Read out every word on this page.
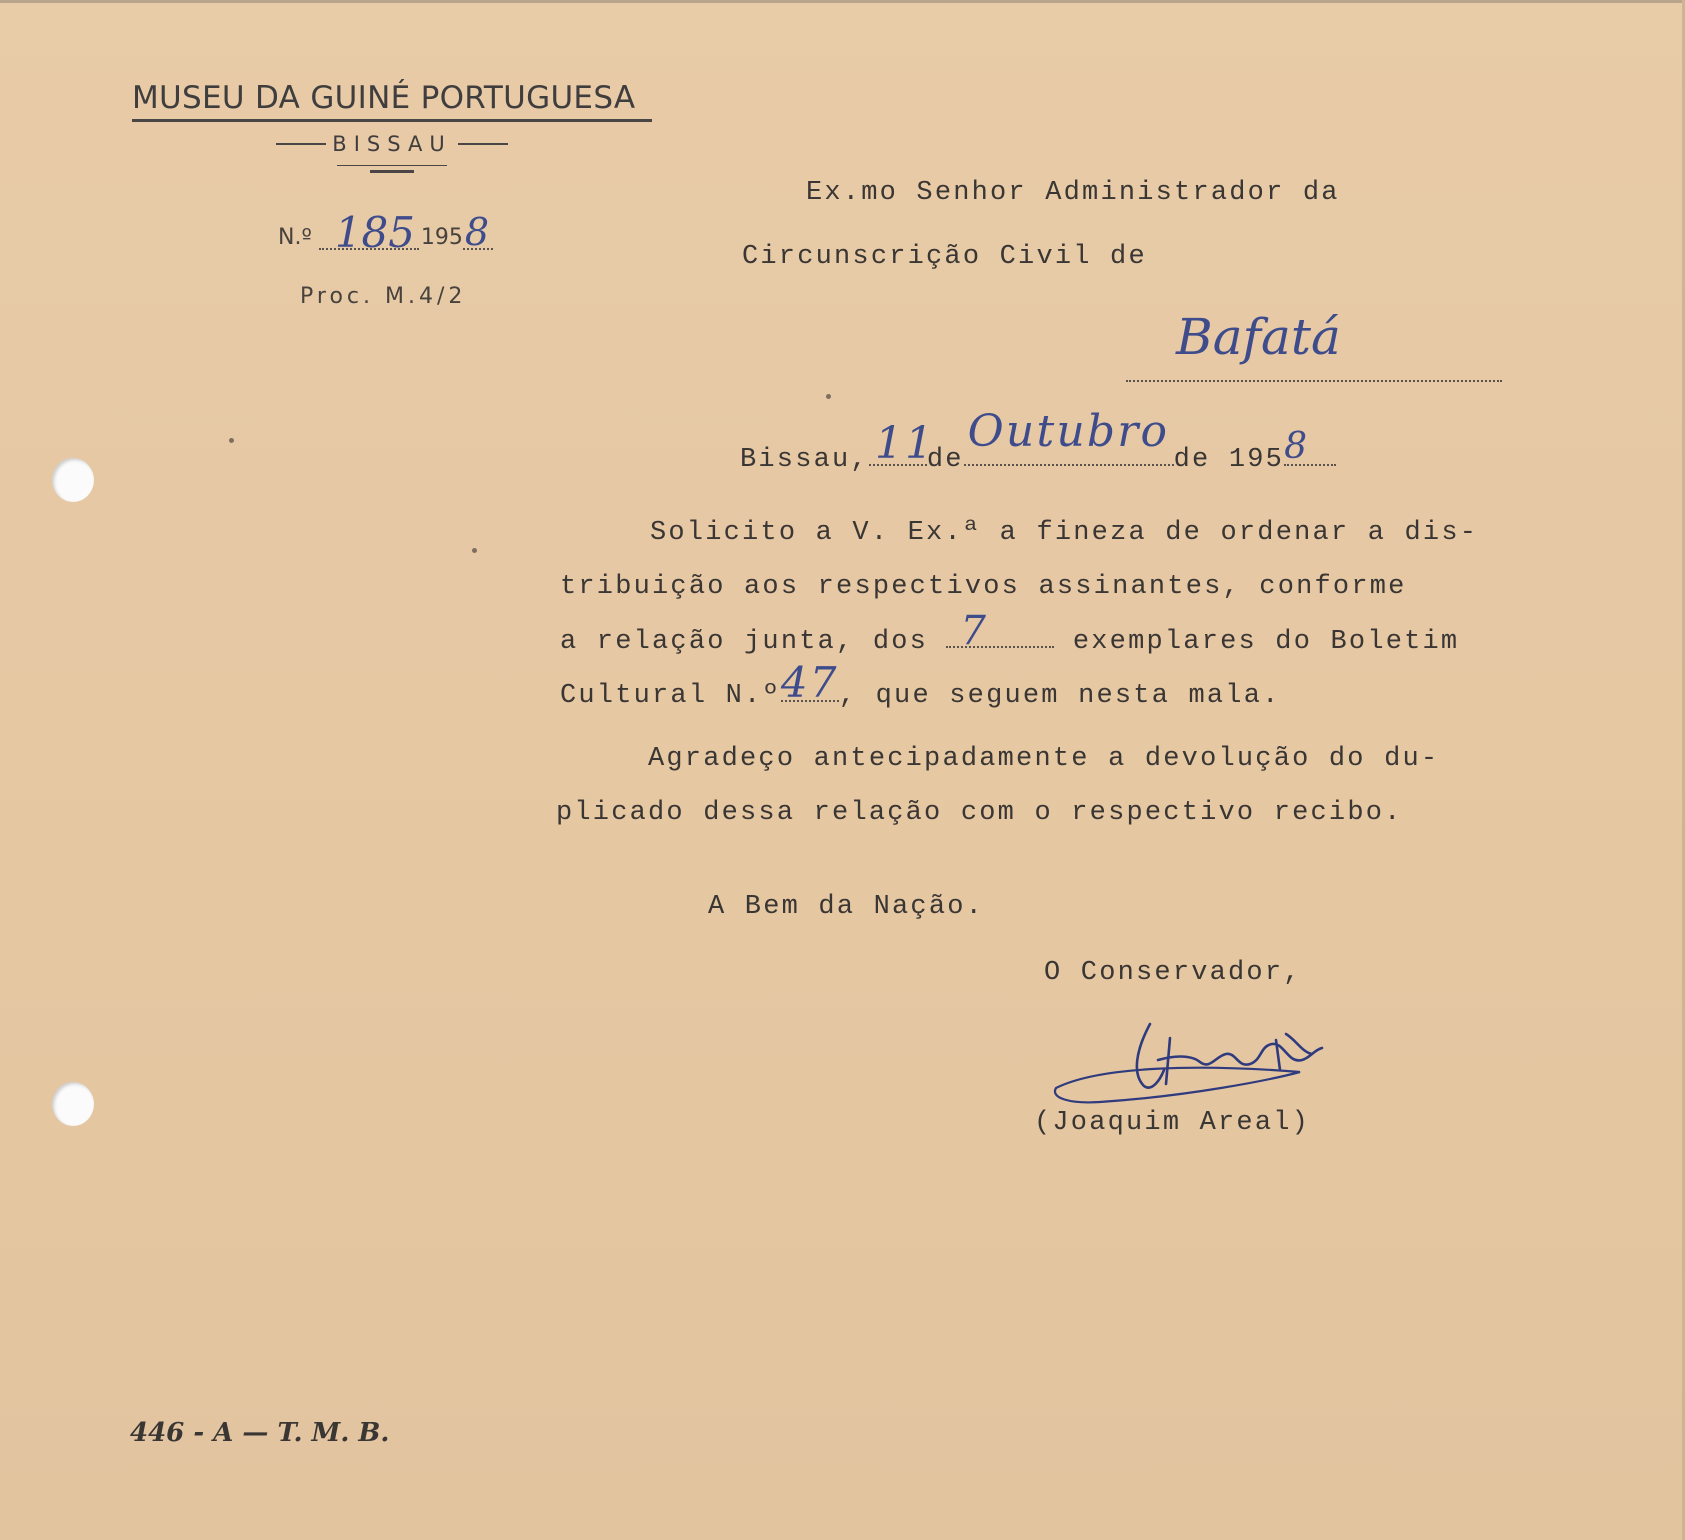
MUSEU DA GUINÉ PORTUGUESA
BISSAU
N.º 185 1958
Proc. M.4/2
Ex.mo Senhor Administrador da
Circunscrição Civil de
Bafatá
Bissau, 11
de
Outubro
de 195 8
Solicito a V. Ex.ª a fineza de ordenar a dis-
tribuição aos respectivos assinantes, conforme
a relação junta, dos 7	exemplares do Boletim
Cultural N.º 47 , que seguem nesta mala.
Agradeço antecipadamente a devolução do du-
plicado dessa relação com o respectivo recibo.
A Bem da Nação.
O Conservador,
(Joaquim Areal)
446 - A — T. M. B.
